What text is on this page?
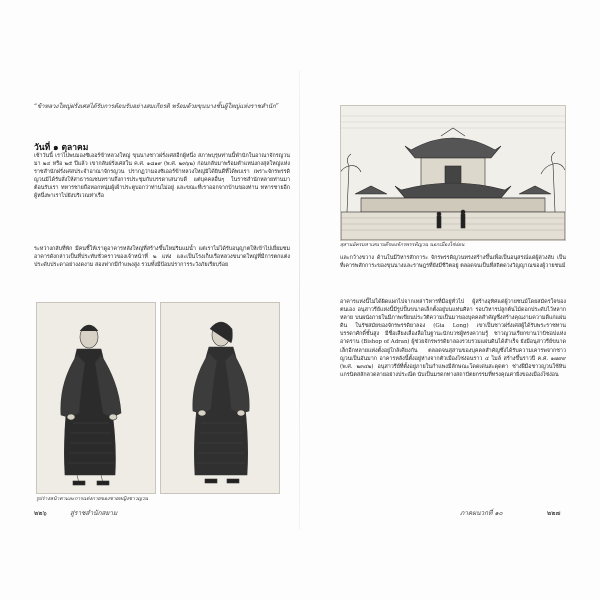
“ข้าหลวงใหญ่ฝรั่งเศสได้รับการต้อนรับอย่างสมเกียรติ พร้อมด้วยขุนนางชั้นผู้ใหญ่แห่งราชสำนัก”
วันที่ ๑ ตุลาคม
เช้าวันนี้ เราไปพบมองซิเออร์ข้าหลวงใหญ่ ขุนนางชาวฝรั่งเศสอีกผู้หนึ่ง สภาพบุรุษท่านนี้พำนักในอาณาจักรญวนมา ๒๔ หรือ ๒๕ ปีแล้ว เขากลับฝรั่งเศสใน ค.ศ. ๑๘๑๙ (พ.ศ. ๒๓๖๒) ก่อนกลับมาพร้อมตำแหน่งกงสุลใหญ่แห่งราชสำนักฝรั่งเศสประจำอาณาจักรญวน ปรากฏว่ามองซิเออร์ข้าหลวงใหญ่มิได้ยินดีที่ได้พบเรา เพราะจักรพรรดิญวนมิได้รับสั่งให้สาธารณชนทราบถึงการประชุมกับบรรดาเสนาบดี แต่บุคคลอื่นๆ ในราชสำนักหลายท่านมาต้อนรับเรา ทหารชายถือหอกหนุ่มผู้เฝ้าประตูบอกว่าท่านไม่อยู่ และขณะที่เราออกจากบ้านของท่าน ทหารชายอีกผู้หนึ่งพาเราไปยังบริเวณท่าเรือ
ระหว่างกลับที่พัก มีคนชี้ให้เราดูอาคารหลังใหญ่ที่สร้างขึ้นใหม่ริมแม่น้ำ แต่เราไม่ได้รับอนุญาตให้เข้าไปเยี่ยมชม อาคารดังกล่าวเป็นที่ประทับชั่วคราวของเจ้าหน้าที่ ๒ แห่ง และเป็นโรงเก็บเรือหลวงขนาดใหญ่ที่มีการตกแต่งประดับประดาอย่างงดงาม สองฟากมีกำแพงสูง รวมทั้งมีป้อมปราการระวังภัยเรียบร้อย
รูปร่างหน้าตาและการแต่งกายของชายหญิงชาวญวน
๒๒๖	สู่ราชสำนักสยาม
สุสานอัครมหาเสนาบดีของจักรพรรดิญวน นอกเมืองไซ่ง่อน
และกว้างขวาง ด้านในมีวิหารสักการะ จักรพรรดิญวนทรงสร้างขึ้นเพื่อเป็นอนุสรณ์แด่ผู้ล่วงลับ เป็นที่เคารพสักการะของขุนนางและราษฎรที่ยังมีชีวิตอยู่ ตลอดจนเป็นที่สถิตดวงวิญญาณของผู้วายชนม์
อาคารแห่งนี้ไม่ได้ผิดแผกไปจากเหล่าวิหารที่มีอยู่ทั่วไป ผู้สร้างอุทิศแด่ผู้วายชนม์โดยสมัครใจของตนเอง อนุสาวรีย์แห่งนี้มีรูปปั้นขนาดเล็กตั้งอยู่บนแท่นศิลา รอบวิหารปลูกต้นไม้ดอกประดับไว้หลากหลาย บนผนังภายในมีภาพเขียนประวัติความเป็นมาของบุคคลสำคัญซึ่งสร้างคุณงามความดีแก่แผ่นดิน ในรัชสมัยของจักรพรรดิยาลอง (Gia Long) เขาเป็นชาวฝรั่งเศสผู้ได้รับพระราชทานบรรดาศักดิ์ชั้นสูง มีชื่อเสียงเลื่องลือในฐานะนักบวชผู้ทรงความรู้ ชาวญวนเรียกขานว่าบิชอปแห่งอาดราน (Bishop of Adran) ผู้ช่วยจักรพรรดิยาลองรวบรวมแผ่นดินได้สำเร็จ ยังมีอนุสาวรีย์ขนาดเล็กอีกหลายแห่งตั้งอยู่ใกล้เคียงกัน ตลอดจนสุสานของบุคคลสำคัญซึ่งได้รับความเคารพจากชาวญวนเป็นอันมาก อาคารหลังนี้ตั้งอยู่ห่างจากตัวเมืองไซ่ง่อนราว ๔ ไมล์ สร้างขึ้นราวปี ค.ศ. ๑๗๙๙ (พ.ศ. ๒๓๔๒) อนุสาวรีย์ที่ตั้งอยู่ภายในกำแพงมีลักษณะโดดเด่นสะดุดตา ช่างฝีมือชาวญวนใช้หินแกรนิตสลักลวดลายอย่างประณีต นับเป็นมรดกทางสถาปัตยกรรมที่ทรงคุณค่ายิ่งของเมืองไซ่ง่อน
ภาคผนวกที่ ๑๐	๒๒๗
